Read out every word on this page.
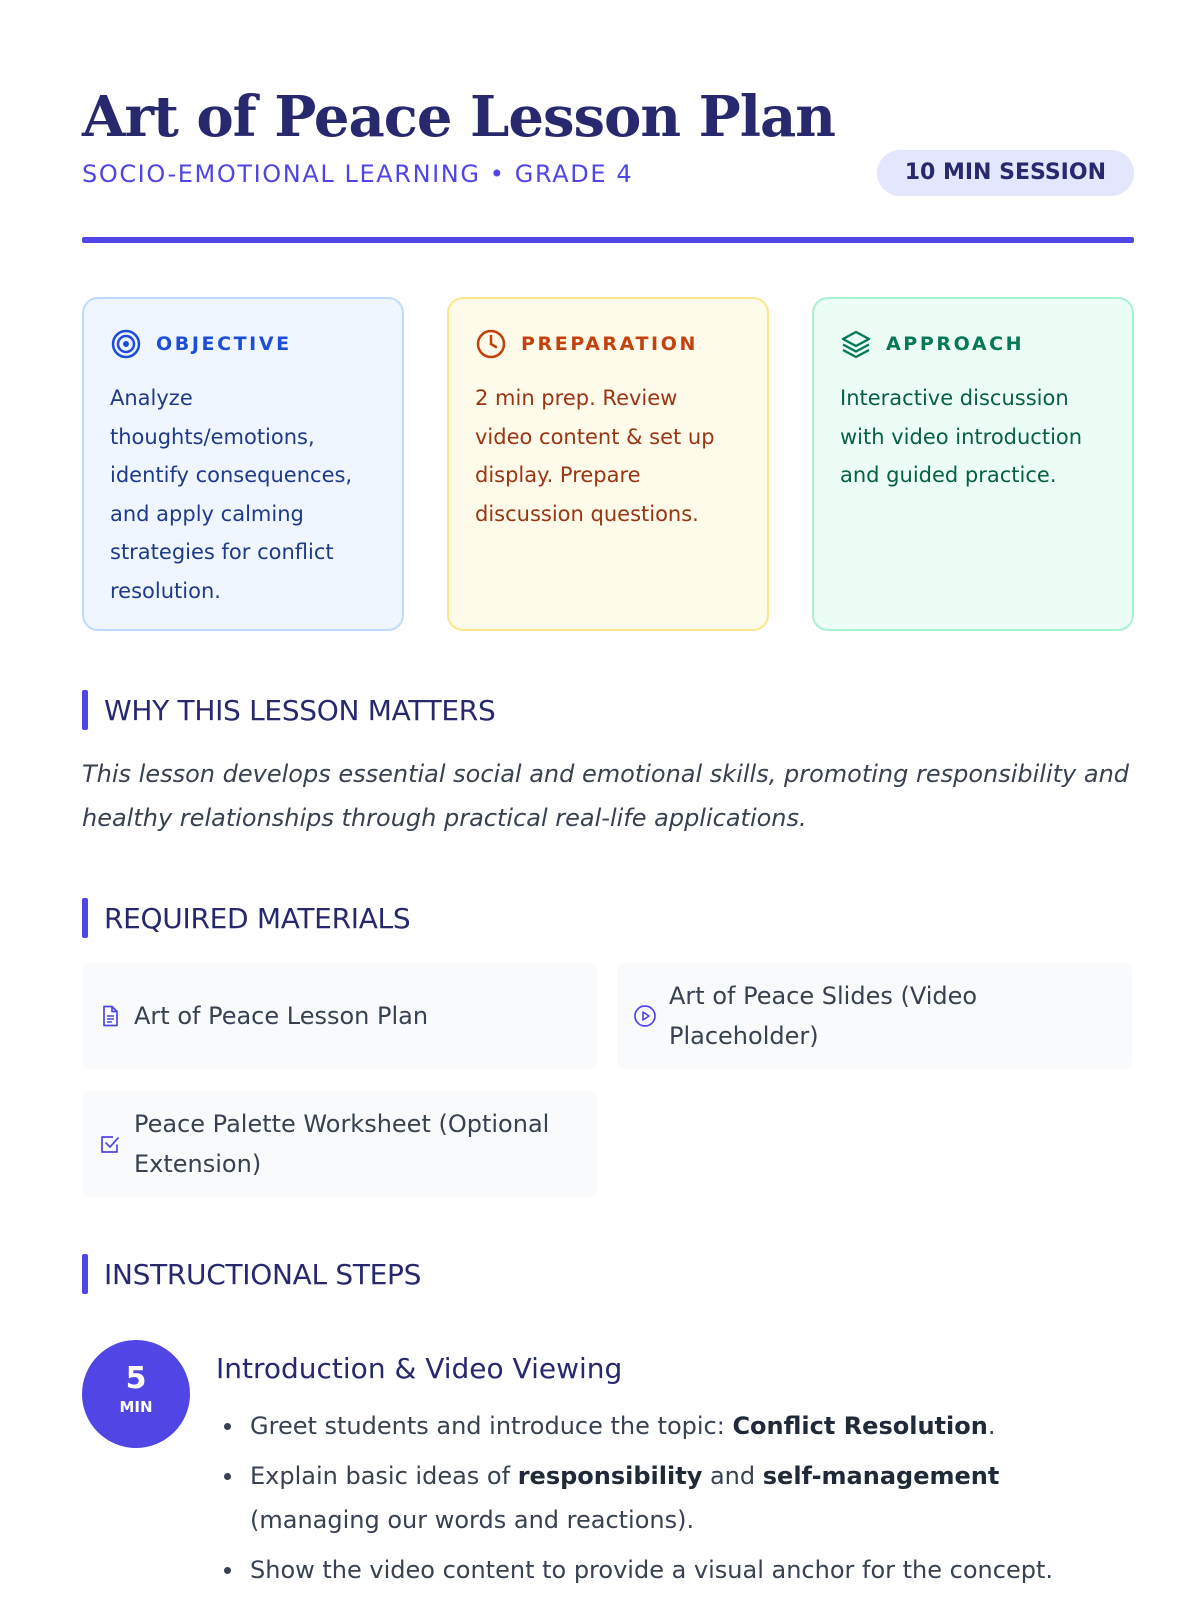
Art of Peace Lesson Plan
SOCIO-EMOTIONAL LEARNING • GRADE 4	10 MIN SESSION
OBJECTIVE
Analyze thoughts/emotions, identify consequences, and apply calming strategies for conflict resolution.
PREPARATION
2 min prep. Review video content & set up display. Prepare discussion questions.
APPROACH
Interactive discussion with video introduction and guided practice.
WHY THIS LESSON MATTERS
This lesson develops essential social and emotional skills, promoting responsibility and healthy relationships through practical real-life applications.
REQUIRED MATERIALS
Art of Peace Lesson Plan
Art of Peace Slides (Video Placeholder)
Peace Palette Worksheet (Optional Extension)
INSTRUCTIONAL STEPS
5
MIN
Introduction & Video Viewing
Greet students and introduce the topic: Conflict Resolution.
Explain basic ideas of responsibility and self-management (managing our words and reactions).
Show the video content to provide a visual anchor for the concept.
